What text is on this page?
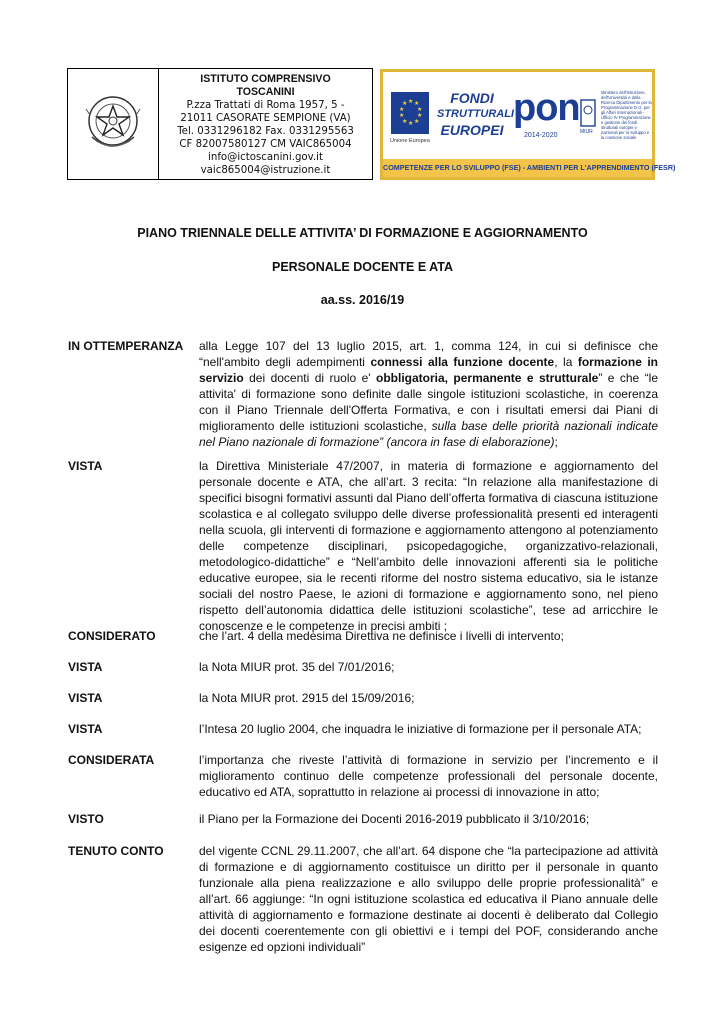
ISTITUTO COMPRENSIVO
TOSCANINI
P.zza Trattati di Roma 1957, 5 -
21011 CASORATE SEMPIONE (VA)
Tel. 0331296182 Fax. 0331295563
CF 82007580127 CM VAIC865004
info@ictoscanini.gov.it
vaic865004@istruzione.it
★ ★
★
★
★
★
★
★
★
★
Unione Europea
FONDI
STRUTTURALI
EUROPEI
pon
2014-2020	MIUR
Ministero dell'Istruzione, dell'Università e della Ricerca Dipartimento per la Programmazione D.G. per gli Affari Internazionali - Ufficio IV Programmazione e gestione dei fondi strutturali europei e nazionali per lo sviluppo e la coesione sociale
COMPETENZE PER LO SVILUPPO (FSE) - AMBIENTI PER L'APPRENDIMENTO (FESR)
PIANO TRIENNALE DELLE ATTIVITA’ DI FORMAZIONE E AGGIORNAMENTO
PERSONALE DOCENTE E ATA
aa.ss. 2016/19
IN OTTEMPERANZA	alla Legge 107 del 13 luglio 2015, art. 1, comma 124, in cui si definisce che “nell'ambito degli adempimenti connessi alla funzione docente, la formazione in servizio dei docenti di ruolo e' obbligatoria, permanente e strutturale” e che “le attivita' di formazione sono definite dalle singole istituzioni scolastiche, in coerenza con il Piano Triennale dell'Offerta Formativa, e con i risultati emersi dai Piani di miglioramento delle istituzioni scolastiche, sulla base delle priorità nazionali indicate nel Piano nazionale di formazione” (ancora in fase di elaborazione);
VISTA	la Direttiva Ministeriale 47/2007, in materia di formazione e aggiornamento del personale docente e ATA, che all’art. 3 recita: “In relazione alla manifestazione di specifici bisogni formativi assunti dal Piano dell’offerta formativa di ciascuna istituzione scolastica e al collegato sviluppo delle diverse professionalità presenti ed interagenti nella scuola, gli interventi di formazione e aggiornamento attengono al potenziamento delle competenze disciplinari, psicopedagogiche, organizzativo-relazionali, metodologico-didattiche” e “Nell’ambito delle innovazioni afferenti sia le politiche educative europee, sia le recenti riforme del nostro sistema educativo, sia le istanze sociali del nostro Paese, le azioni di formazione e aggiornamento sono, nel pieno rispetto dell’autonomia didattica delle istituzioni scolastiche”, tese ad arricchire le conoscenze e le competenze in precisi ambiti ;
CONSIDERATO	che l’art. 4 della medesima Direttiva ne definisce i livelli di intervento;
VISTA	la Nota MIUR prot. 35 del 7/01/2016;
VISTA	la Nota MIUR prot. 2915 del 15/09/2016;
VISTA	l’Intesa 20 luglio 2004, che inquadra le iniziative di formazione per il personale ATA;
CONSIDERATA	l’importanza che riveste l’attività di formazione in servizio per l’incremento e il miglioramento continuo delle competenze professionali del personale docente, educativo ed ATA, soprattutto in relazione ai processi di innovazione in atto;
VISTO	il Piano per la Formazione dei Docenti 2016-2019 pubblicato il 3/10/2016;
TENUTO CONTO	del vigente CCNL 29.11.2007, che all’art. 64 dispone che “la partecipazione ad attività di formazione e di aggiornamento costituisce un diritto per il personale in quanto funzionale alla piena realizzazione e allo sviluppo delle proprie professionalità” e all’art. 66 aggiunge: “In ogni istituzione scolastica ed educativa il Piano annuale delle attività di aggiornamento e formazione destinate ai docenti è deliberato dal Collegio dei docenti coerentemente con gli obiettivi e i tempi del POF, considerando anche esigenze ed opzioni individuali”
